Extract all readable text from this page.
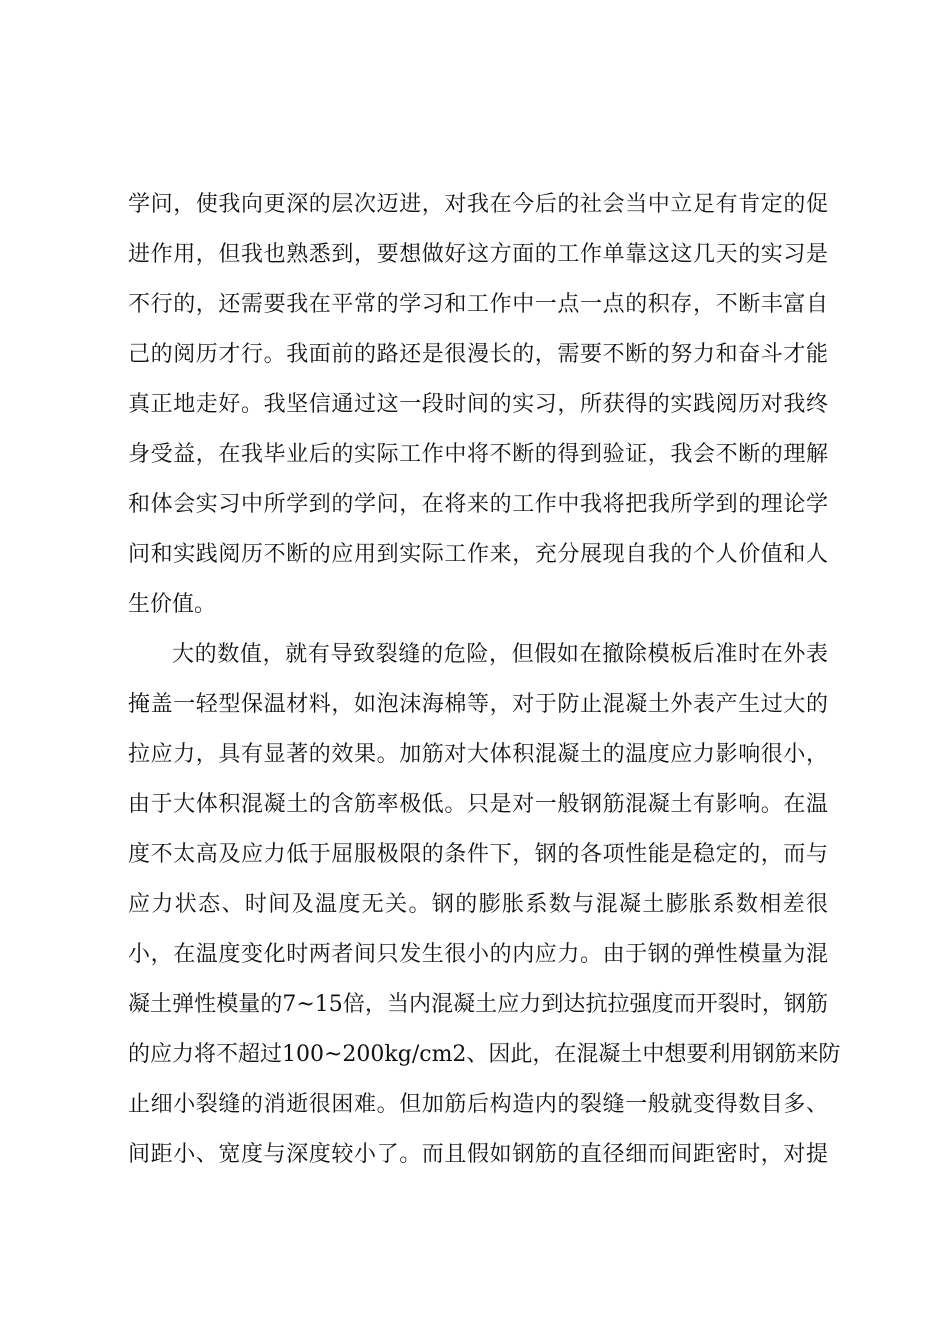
学问，使我向更深的层次迈进，对我在今后的社会当中立足有肯定的促
进作用，但我也熟悉到，要想做好这方面的工作单靠这这几天的实习是
不行的，还需要我在平常的学习和工作中一点一点的积存，不断丰富自
己的阅历才行。我面前的路还是很漫长的，需要不断的努力和奋斗才能
真正地走好。我坚信通过这一段时间的实习，所获得的实践阅历对我终
身受益，在我毕业后的实际工作中将不断的得到验证，我会不断的理解
和体会实习中所学到的学问，在将来的工作中我将把我所学到的理论学
问和实践阅历不断的应用到实际工作来，充分展现自我的个人价值和人
生价值。
大的数值，就有导致裂缝的危险，但假如在撤除模板后准时在外表
掩盖一轻型保温材料，如泡沫海棉等，对于防止混凝土外表产生过大的
拉应力，具有显著的效果。加筋对大体积混凝土的温度应力影响很小，
由于大体积混凝土的含筋率极低。只是对一般钢筋混凝土有影响。在温
度不太高及应力低于屈服极限的条件下，钢的各项性能是稳定的，而与
应力状态、时间及温度无关。钢的膨胀系数与混凝土膨胀系数相差很
小，在温度变化时两者间只发生很小的内应力。由于钢的弹性模量为混
凝土弹性模量的7~15倍，当内混凝土应力到达抗拉强度而开裂时，钢筋
的应力将不超过100~200kg/cm2、因此，在混凝土中想要利用钢筋来防
止细小裂缝的消逝很困难。但加筋后构造内的裂缝一般就变得数目多、
间距小、宽度与深度较小了。而且假如钢筋的直径细而间距密时，对提
